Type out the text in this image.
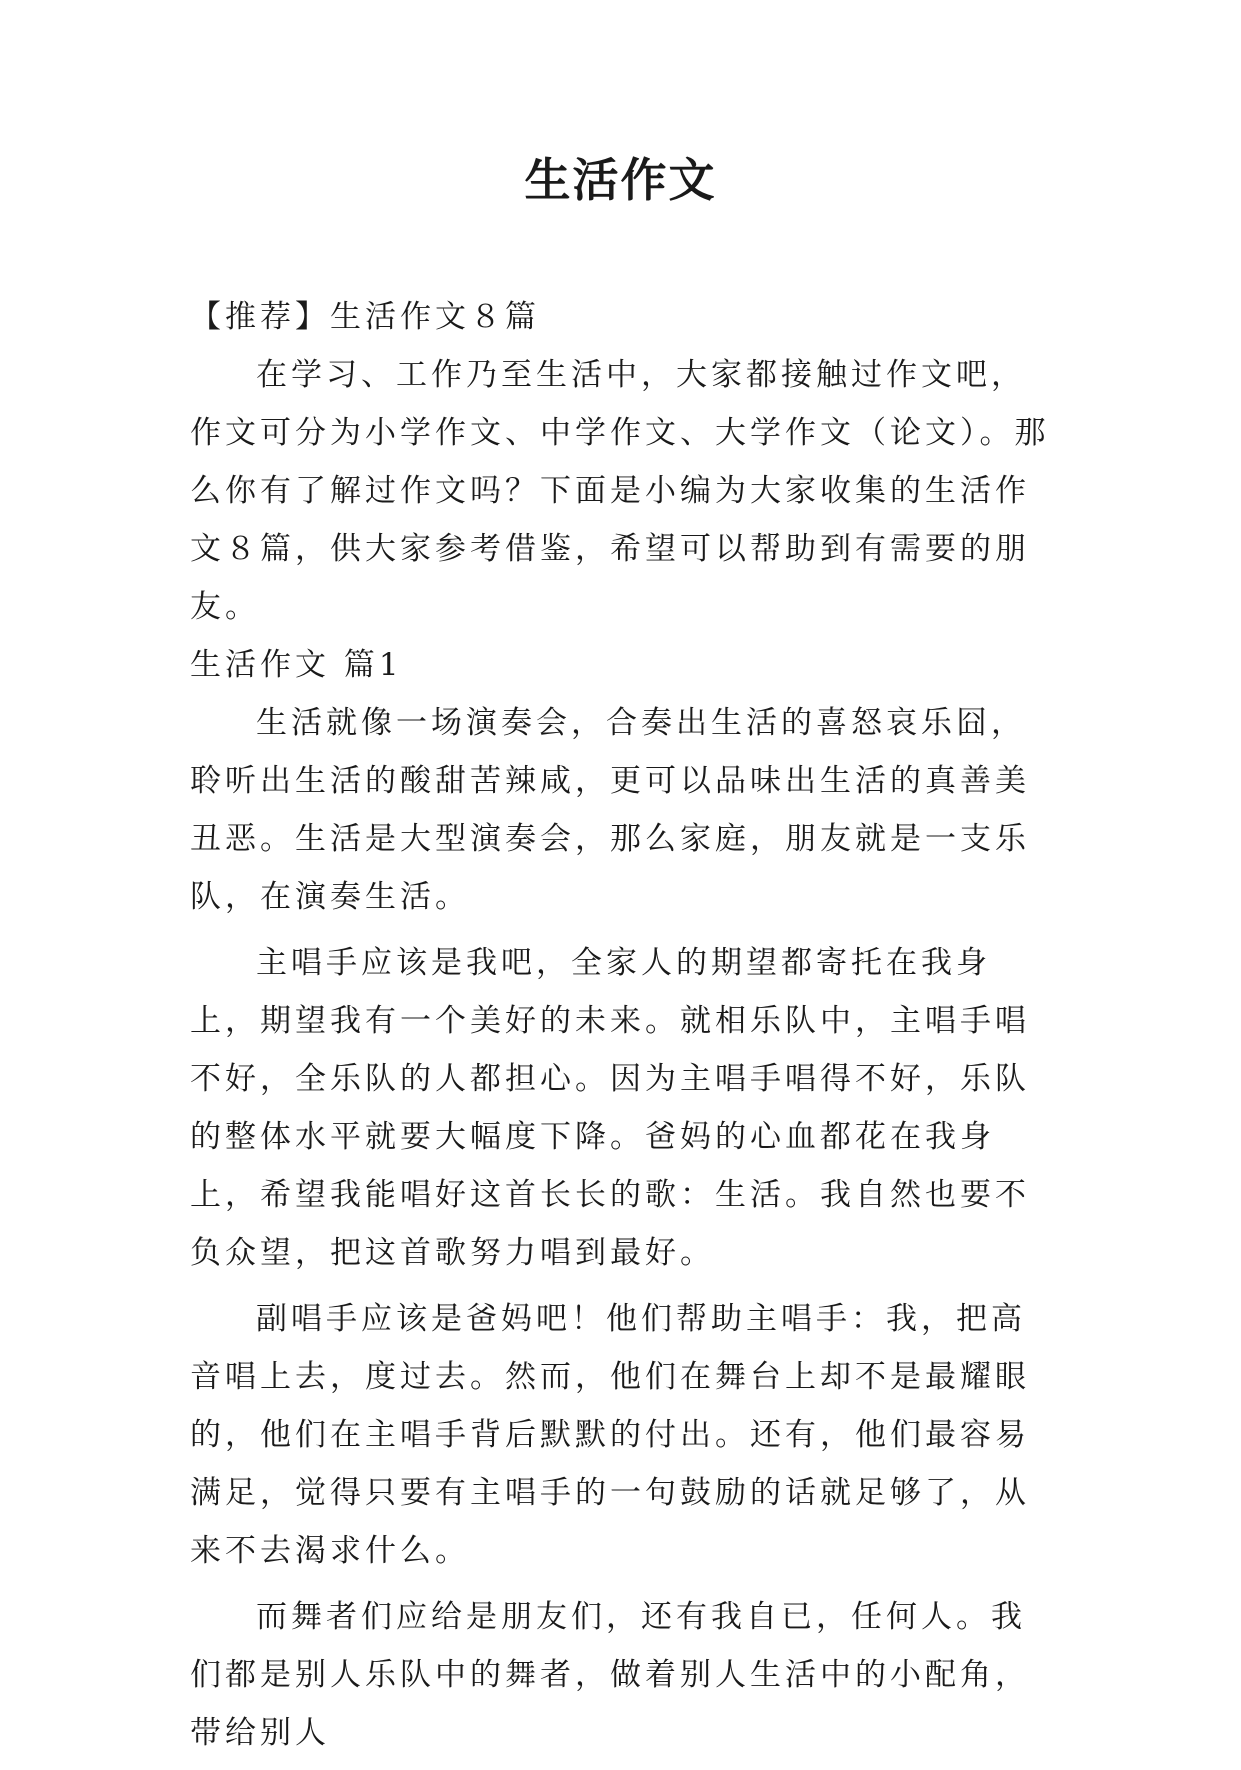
生活作文

【推荐】生活作文８篇

在学习、工作乃至生活中，大家都接触过作文吧，作文可分为小学作文、中学作文、大学作文（论文）。那么你有了解过作文吗？下面是小编为大家收集的生活作文８篇，供大家参考借鉴，希望可以帮助到有需要的朋友。

生活作文 篇1

生活就像一场演奏会，合奏出生活的喜怒哀乐囧，聆听出生活的酸甜苦辣咸，更可以品味出生活的真善美丑恶。生活是大型演奏会，那么家庭，朋友就是一支乐队，在演奏生活。

主唱手应该是我吧，全家人的期望都寄托在我身上，期望我有一个美好的未来。就相乐队中，主唱手唱不好，全乐队的人都担心。因为主唱手唱得不好，乐队的整体水平就要大幅度下降。爸妈的心血都花在我身上，希望我能唱好这首长长的歌：生活。我自然也要不负众望，把这首歌努力唱到最好。

副唱手应该是爸妈吧！他们帮助主唱手：我，把高音唱上去，度过去。然而，他们在舞台上却不是最耀眼的，他们在主唱手背后默默的付出。还有，他们最容易满足，觉得只要有主唱手的一句鼓励的话就足够了，从来不去渴求什么。

而舞者们应给是朋友们，还有我自已，任何人。我们都是别人乐队中的舞者，做着别人生活中的小配角，带给别人
